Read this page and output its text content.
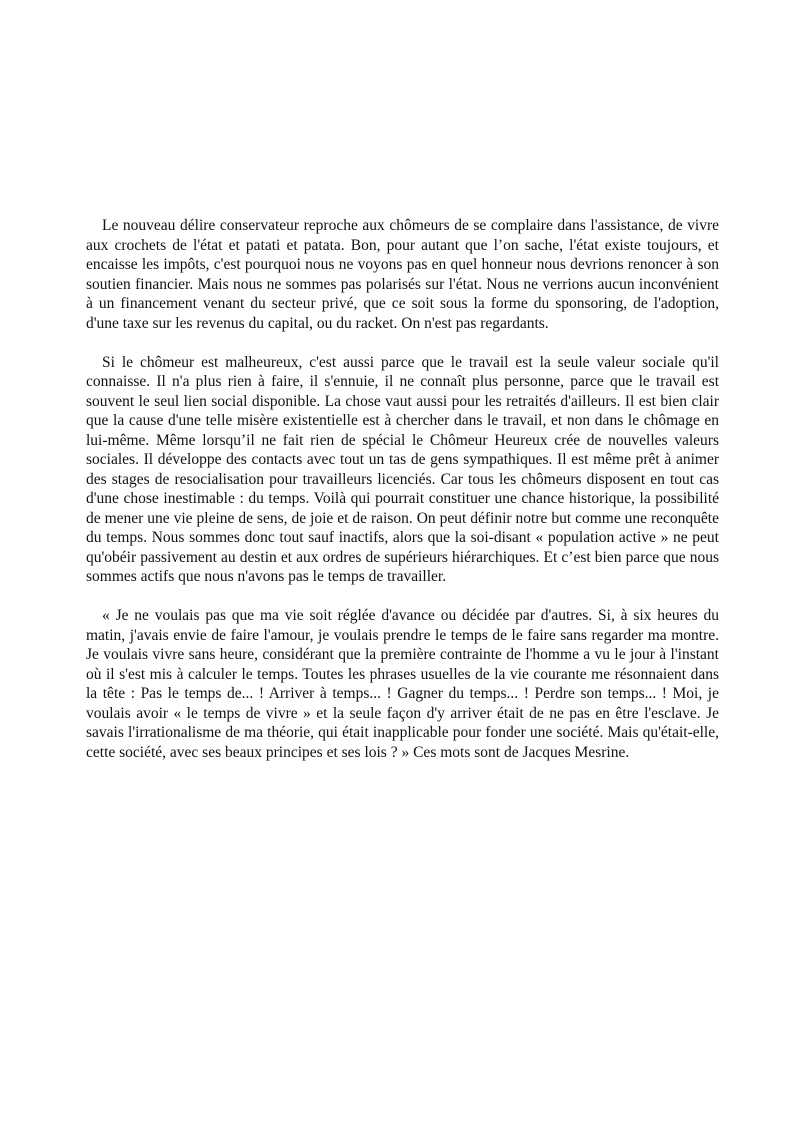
Le nouveau délire conservateur reproche aux chômeurs de se complaire dans l'assistance, de vivre aux crochets de l'état et patati et patata. Bon, pour autant que l’on sache, l'état existe toujours, et encaisse les impôts, c'est pourquoi nous ne voyons pas en quel honneur nous devrions renoncer à son soutien financier. Mais nous ne sommes pas polarisés sur l'état. Nous ne verrions aucun inconvénient à un financement venant du secteur privé, que ce soit sous la forme du sponsoring, de l'adoption, d'une taxe sur les revenus du capital, ou du racket. On n'est pas regardants.

Si le chômeur est malheureux, c'est aussi parce que le travail est la seule valeur sociale qu'il connaisse. Il n'a plus rien à faire, il s'ennuie, il ne connaît plus personne, parce que le travail est souvent le seul lien social disponible. La chose vaut aussi pour les retraités d'ailleurs. Il est bien clair que la cause d'une telle misère existentielle est à chercher dans le travail, et non dans le chômage en lui-même. Même lorsqu’il ne fait rien de spécial le Chômeur Heureux crée de nouvelles valeurs sociales. Il développe des contacts avec tout un tas de gens sympathiques. Il est même prêt à animer des stages de resocialisation pour travailleurs licenciés. Car tous les chômeurs disposent en tout cas d'une chose inestimable : du temps. Voilà qui pourrait constituer une chance historique, la possibilité de mener une vie pleine de sens, de joie et de raison. On peut définir notre but comme une reconquête du temps. Nous sommes donc tout sauf inactifs, alors que la soi-disant « population active » ne peut qu'obéir passivement au destin et aux ordres de supérieurs hiérarchiques. Et c’est bien parce que nous sommes actifs que nous n'avons pas le temps de travailler.

« Je ne voulais pas que ma vie soit réglée d'avance ou décidée par d'autres. Si, à six heures du matin, j'avais envie de faire l'amour, je voulais prendre le temps de le faire sans regarder ma montre. Je voulais vivre sans heure, considérant que la première contrainte de l'homme a vu le jour à l'instant où il s'est mis à calculer le temps. Toutes les phrases usuelles de la vie courante me résonnaient dans la tête : Pas le temps de... ! Arriver à temps... ! Gagner du temps... ! Perdre son temps... ! Moi, je voulais avoir « le temps de vivre » et la seule façon d'y arriver était de ne pas en être l'esclave. Je savais l'irrationalisme de ma théorie, qui était inapplicable pour fonder une société. Mais qu'était-elle, cette société, avec ses beaux principes et ses lois ? » Ces mots sont de Jacques Mesrine.
